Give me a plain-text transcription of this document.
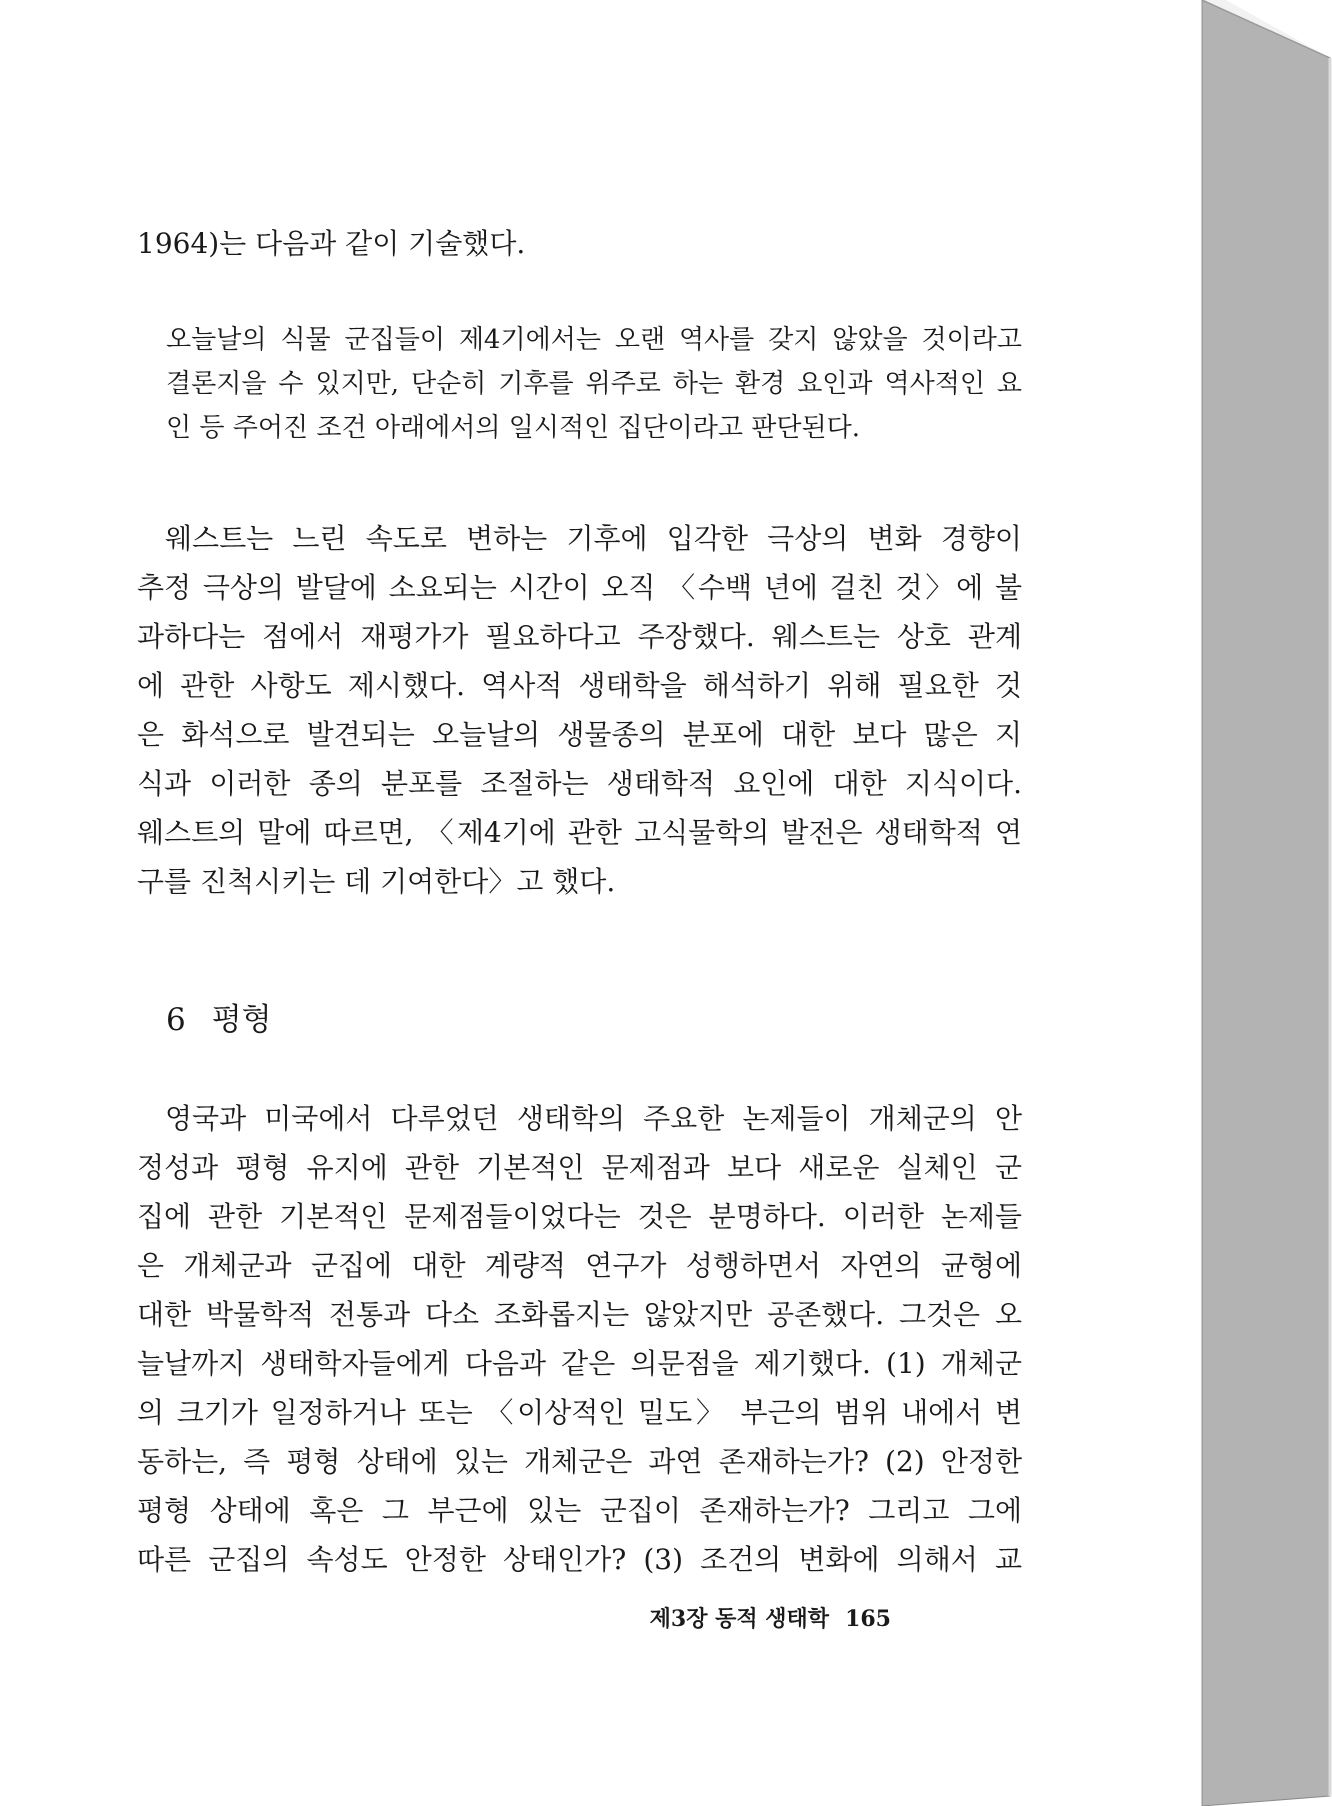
1964)는 다음과 같이 기술했다.
오늘날의 식물 군집들이 제4기에서는 오랜 역사를 갖지 않았을 것이라고
결론지을 수 있지만, 단순히 기후를 위주로 하는 환경 요인과 역사적인 요
인 등 주어진 조건 아래에서의 일시적인 집단이라고 판단된다.
웨스트는 느린 속도로 변하는 기후에 입각한 극상의 변화 경향이
추정 극상의 발달에 소요되는 시간이 오직 〈수백 년에 걸친 것〉에 불
과하다는 점에서 재평가가 필요하다고 주장했다. 웨스트는 상호 관계
에 관한 사항도 제시했다. 역사적 생태학을 해석하기 위해 필요한 것
은 화석으로 발견되는 오늘날의 생물종의 분포에 대한 보다 많은 지
식과 이러한 종의 분포를 조절하는 생태학적 요인에 대한 지식이다.
웨스트의 말에 따르면, 〈제4기에 관한 고식물학의 발전은 생태학적 연
구를 진척시키는 데 기여한다〉고 했다.
6 평형
영국과 미국에서 다루었던 생태학의 주요한 논제들이 개체군의 안
정성과 평형 유지에 관한 기본적인 문제점과 보다 새로운 실체인 군
집에 관한 기본적인 문제점들이었다는 것은 분명하다. 이러한 논제들
은 개체군과 군집에 대한 계량적 연구가 성행하면서 자연의 균형에
대한 박물학적 전통과 다소 조화롭지는 않았지만 공존했다. 그것은 오
늘날까지 생태학자들에게 다음과 같은 의문점을 제기했다. (1) 개체군
의 크기가 일정하거나 또는 〈이상적인 밀도〉 부근의 범위 내에서 변
동하는, 즉 평형 상태에 있는 개체군은 과연 존재하는가? (2) 안정한
평형 상태에 혹은 그 부근에 있는 군집이 존재하는가? 그리고 그에
따른 군집의 속성도 안정한 상태인가? (3) 조건의 변화에 의해서 교
제3장 동적 생태학 165
